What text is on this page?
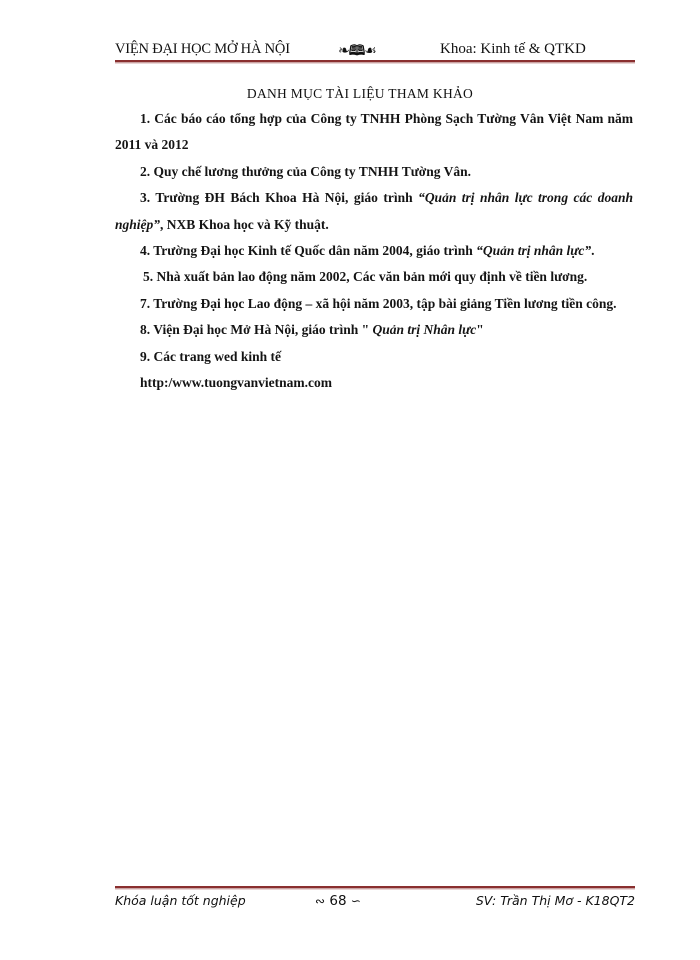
VIỆN ĐẠI HỌC MỞ HÀ NỘI	❧🕮☙	Khoa: Kinh tế & QTKD
DANH MỤC TÀI LIỆU THAM KHẢO

1. Các báo cáo tổng hợp của Công ty TNHH Phòng Sạch Tường Vân Việt Nam năm 2011 và 2012

2. Quy chế lương thưởng của Công ty TNHH Tường Vân.

3. Trường ĐH Bách Khoa Hà Nội, giáo trình “Quản trị nhân lực trong các doanh nghiệp”, NXB Khoa học và Kỹ thuật.

4. Trường Đại học Kinh tế Quốc dân năm 2004, giáo trình “Quản trị nhân lực”.

5. Nhà xuất bản lao động năm 2002, Các văn bản mới quy định về tiền lương.

7. Trường Đại học Lao động – xã hội năm 2003, tập bài giảng Tiền lương tiền công.

8. Viện Đại học Mở Hà Nội, giáo trình " Quản trị Nhân lực"

9. Các trang wed kinh tế

http:/www.tuongvanvietnam.com

Khóa luận tốt nghiệp	∾ 68 ∽	SV: Trần Thị Mơ - K18QT2
